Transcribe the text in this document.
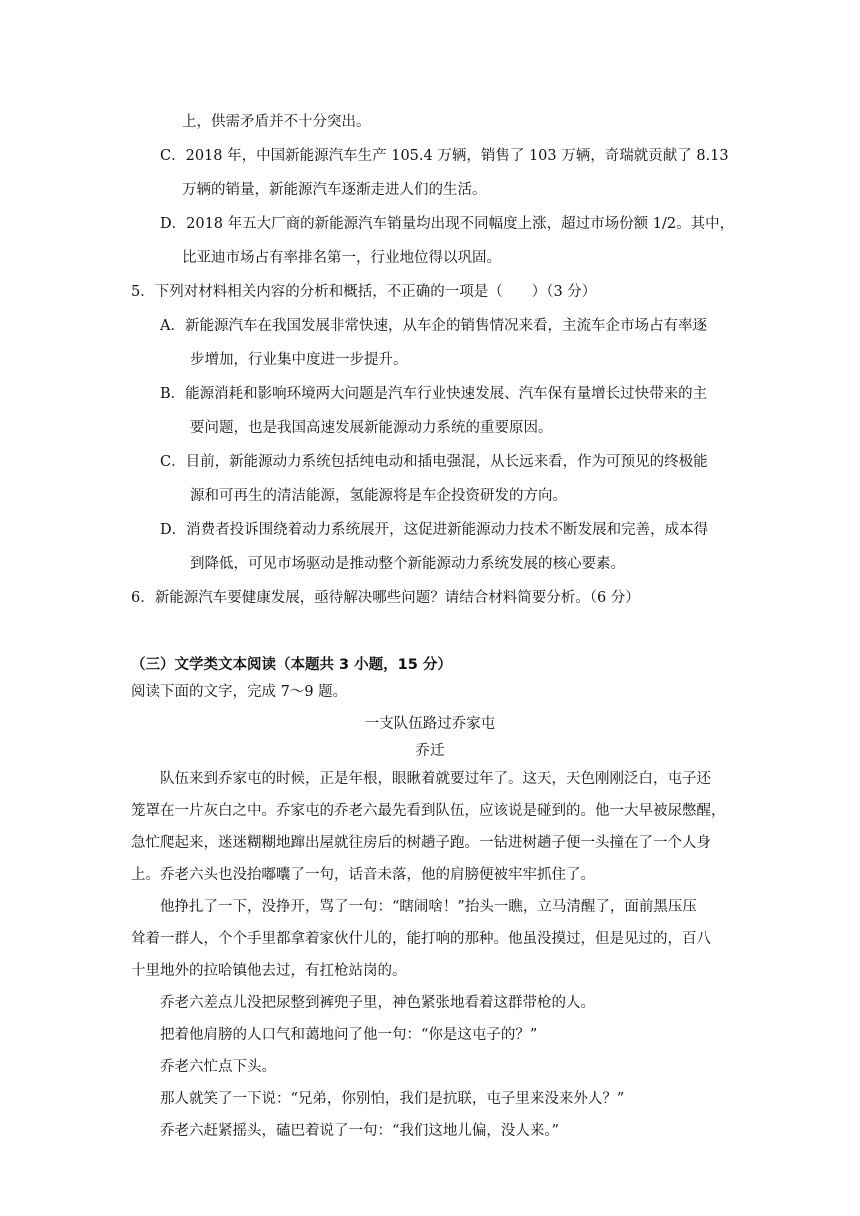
上，供需矛盾并不十分突出。
C．2018 年，中国新能源汽车生产 105.4 万辆，销售了 103 万辆，奇瑞就贡献了 8.13
万辆的销量，新能源汽车逐渐走进人们的生活。
D．2018 年五大厂商的新能源汽车销量均出现不同幅度上涨，超过市场份额 1/2。其中，
比亚迪市场占有率排名第一，行业地位得以巩固。
5．下列对材料相关内容的分析和概括，不正确的一项是（　　）（3 分）
A．新能源汽车在我国发展非常快速，从车企的销售情况来看，主流车企市场占有率逐
步增加，行业集中度进一步提升。
B．能源消耗和影响环境两大问题是汽车行业快速发展、汽车保有量增长过快带来的主
要问题，也是我国高速发展新能源动力系统的重要原因。
C．目前，新能源动力系统包括纯电动和插电强混，从长远来看，作为可预见的终极能
源和可再生的清洁能源，氢能源将是车企投资研发的方向。
D．消费者投诉围绕着动力系统展开，这促进新能源动力技术不断发展和完善，成本得
到降低，可见市场驱动是推动整个新能源动力系统发展的核心要素。
6．新能源汽车要健康发展，亟待解决哪些问题？请结合材料简要分析。（6 分）
（三）文学类文本阅读（本题共 3 小题，15 分）
阅读下面的文字，完成 7～9 题。
一支队伍路过乔家屯
乔迁
队伍来到乔家屯的时候，正是年根，眼瞅着就要过年了。这天，天色刚刚泛白，屯子还
笼罩在一片灰白之中。乔家屯的乔老六最先看到队伍，应该说是碰到的。他一大早被尿憋醒，
急忙爬起来，迷迷糊糊地蹿出屋就往房后的树趟子跑。一钻进树趟子便一头撞在了一个人身
上。乔老六头也没抬嘟囔了一句，话音未落，他的肩膀便被牢牢抓住了。
他挣扎了一下，没挣开，骂了一句：“瞎闹啥！”抬头一瞧，立马清醒了，面前黑压压
耸着一群人，个个手里都拿着家伙什儿的，能打响的那种。他虽没摸过，但是见过的，百八
十里地外的拉哈镇他去过，有扛枪站岗的。
乔老六差点儿没把尿整到裤兜子里，神色紧张地看着这群带枪的人。
把着他肩膀的人口气和蔼地问了他一句：“你是这屯子的？”
乔老六忙点下头。
那人就笑了一下说：“兄弟，你别怕，我们是抗联，屯子里来没来外人？”
乔老六赶紧摇头，磕巴着说了一句：“我们这地儿偏，没人来。”
